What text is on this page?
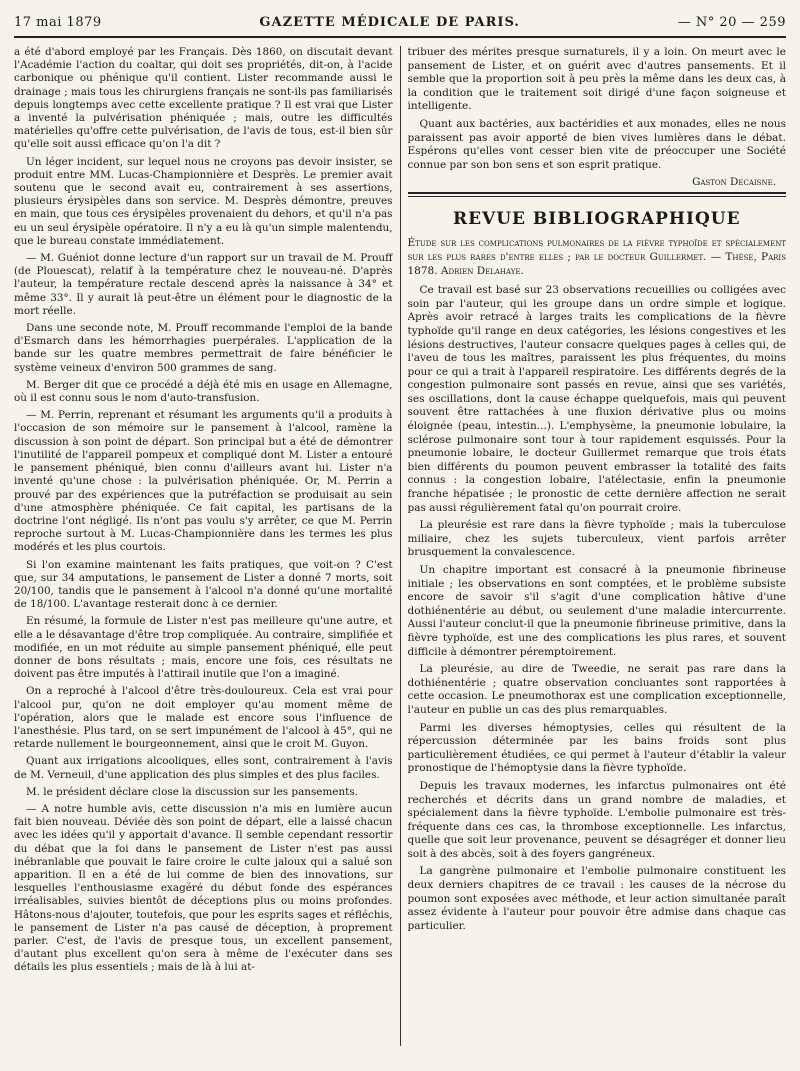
17 mai 1879	GAZETTE MÉDICALE DE PARIS.	— N° 20 — 259

a été d'abord employé par les Français. Dès 1860, on discutait devant l'Académie l'action du coaltar, qui doit ses propriétés, dit-on, à l'acide carbonique ou phénique qu'il contient. Lister recommande aussi le drainage ; mais tous les chirurgiens français ne sont-ils pas familiarisés depuis longtemps avec cette excellente pratique ? Il est vrai que Lister a inventé la pulvérisation phéniquée ; mais, outre les difficultés matérielles qu'offre cette pulvérisation, de l'avis de tous, est-il bien sûr qu'elle soit aussi efficace qu'on l'a dit ?

Un léger incident, sur lequel nous ne croyons pas devoir insister, se produit entre MM. Lucas-Championnière et Desprès. Le premier avait soutenu que le second avait eu, contrairement à ses assertions, plusieurs érysipèles dans son service. M. Desprès démontre, preuves en main, que tous ces érysipèles provenaient du dehors, et qu'il n'a pas eu un seul érysipèle opératoire. Il n'y a eu là qu'un simple malentendu, que le bureau constate immédiatement.

— M. Guéniot donne lecture d'un rapport sur un travail de M. Prouff (de Plouescat), relatif à la température chez le nouveau-né. D'après l'auteur, la température rectale descend après la naissance à 34° et même 33°. Il y aurait là peut-être un élément pour le diagnostic de la mort réelle.

Dans une seconde note, M. Prouff recommande l'emploi de la bande d'Esmarch dans les hémorrhagies puerpérales. L'application de la bande sur les quatre membres permettrait de faire bénéficier le système veineux d'environ 500 grammes de sang.

M. Berger dit que ce procédé a déjà été mis en usage en Allemagne, où il est connu sous le nom d'auto-transfusion.

— M. Perrin, reprenant et résumant les arguments qu'il a produits à l'occasion de son mémoire sur le pansement à l'alcool, ramène la discussion à son point de départ. Son principal but a été de démontrer l'inutilité de l'appareil pompeux et compliqué dont M. Lister a entouré le pansement phéniqué, bien connu d'ailleurs avant lui. Lister n'a inventé qu'une chose : la pulvérisation phéniquée. Or, M. Perrin a prouvé par des expériences que la putréfaction se produisait au sein d'une atmosphère phéniquée. Ce fait capital, les partisans de la doctrine l'ont négligé. Ils n'ont pas voulu s'y arrêter, ce que M. Perrin reproche surtout à M. Lucas-Championnière dans les termes les plus modérés et les plus courtois.

Si l'on examine maintenant les faits pratiques, que voit-on ? C'est que, sur 34 amputations, le pansement de Lister a donné 7 morts, soit 20/100, tandis que le pansement à l'alcool n'a donné qu'une mortalité de 18/100. L'avantage resterait donc à ce dernier.

En résumé, la formule de Lister n'est pas meilleure qu'une autre, et elle a le désavantage d'être trop compliquée. Au contraire, simplifiée et modifiée, en un mot réduite au simple pansement phéniqué, elle peut donner de bons résultats ; mais, encore une fois, ces résultats ne doivent pas être imputés à l'attirail inutile que l'on a imaginé.

On a reproché à l'alcool d'être très-douloureux. Cela est vrai pour l'alcool pur, qu'on ne doit employer qu'au moment même de l'opération, alors que le malade est encore sous l'influence de l'anesthésie. Plus tard, on se sert impunément de l'alcool à 45°, qui ne retarde nullement le bourgeonnement, ainsi que le croit M. Guyon.

Quant aux irrigations alcooliques, elles sont, contrairement à l'avis de M. Verneuil, d'une application des plus simples et des plus faciles.

M. le président déclare close la discussion sur les pansements.

— A notre humble avis, cette discussion n'a mis en lumière aucun fait bien nouveau. Déviée dès son point de départ, elle a laissé chacun avec les idées qu'il y apportait d'avance. Il semble cependant ressortir du débat que la foi dans le pansement de Lister n'est pas aussi inébranlable que pouvait le faire croire le culte jaloux qui a salué son apparition. Il en a été de lui comme de bien des innovations, sur lesquelles l'enthousiasme exagéré du début fonde des espérances irréalisables, suivies bientôt de déceptions plus ou moins profondes. Hâtons-nous d'ajouter, toutefois, que pour les esprits sages et réfléchis, le pansement de Lister n'a pas causé de déception, à proprement parler. C'est, de l'avis de presque tous, un excellent pansement, d'autant plus excellent qu'on sera à même de l'exécuter dans ses détails les plus essentiels ; mais de là à lui at-

tribuer des mérites presque surnaturels, il y a loin. On meurt avec le pansement de Lister, et on guérit avec d'autres pansements. Et il semble que la proportion soit à peu près la même dans les deux cas, à la condition que le traitement soit dirigé d'une façon soigneuse et intelligente.

Quant aux bactéries, aux bactéridies et aux monades, elles ne nous paraissent pas avoir apporté de bien vives lumières dans le débat. Espérons qu'elles vont cesser bien vite de préoccuper une Société connue par son bon sens et son esprit pratique.

Gaston Decaisne.
REVUE BIBLIOGRAPHIQUE

Étude sur les complications pulmonaires de la fièvre typhoïde et spécialement sur les plus rares d'entre elles ; par le docteur Guillermet. — Thèse, Paris 1878. Adrien Delahaye.

Ce travail est basé sur 23 observations recueillies ou colligées avec soin par l'auteur, qui les groupe dans un ordre simple et logique. Après avoir retracé à larges traits les complications de la fièvre typhoïde qu'il range en deux catégories, les lésions congestives et les lésions destructives, l'auteur consacre quelques pages à celles qui, de l'aveu de tous les maîtres, paraissent les plus fréquentes, du moins pour ce qui a trait à l'appareil respiratoire. Les différents degrés de la congestion pulmonaire sont passés en revue, ainsi que ses variétés, ses oscillations, dont la cause échappe quelquefois, mais qui peuvent souvent être rattachées à une fluxion dérivative plus ou moins éloignée (peau, intestin...). L'emphysème, la pneumonie lobulaire, la sclérose pulmonaire sont tour à tour rapidement esquissés. Pour la pneumonie lobaire, le docteur Guillermet remarque que trois états bien différents du poumon peuvent embrasser la totalité des faits connus : la congestion lobaire, l'atélectasie, enfin la pneumonie franche hépatisée ; le pronostic de cette dernière affection ne serait pas aussi régulièrement fatal qu'on pourrait croire.

La pleurésie est rare dans la fièvre typhoïde ; mais la tuberculose miliaire, chez les sujets tuberculeux, vient parfois arrêter brusquement la convalescence.

Un chapitre important est consacré à la pneumonie fibrineuse initiale ; les observations en sont comptées, et le problème subsiste encore de savoir s'il s'agit d'une complication hâtive d'une dothiénentérie au début, ou seulement d'une maladie intercurrente. Aussi l'auteur conclut-il que la pneumonie fibrineuse primitive, dans la fièvre typhoïde, est une des complications les plus rares, et souvent difficile à démontrer péremptoirement.

La pleurésie, au dire de Tweedie, ne serait pas rare dans la dothiénentérie ; quatre observation concluantes sont rapportées à cette occasion. Le pneumothorax est une complication exceptionnelle, l'auteur en publie un cas des plus remarquables.

Parmi les diverses hémoptysies, celles qui résultent de la répercussion déterminée par les bains froids sont plus particulièrement étudiées, ce qui permet à l'auteur d'établir la valeur pronostique de l'hémoptysie dans la fièvre typhoïde.

Depuis les travaux modernes, les infarctus pulmonaires ont été recherchés et décrits dans un grand nombre de maladies, et spécialement dans la fièvre typhoïde. L'embolie pulmonaire est très-fréquente dans ces cas, la thrombose exceptionnelle. Les infarctus, quelle que soit leur provenance, peuvent se désagréger et donner lieu soit à des abcès, soit à des foyers gangréneux.

La gangrène pulmonaire et l'embolie pulmonaire constituent les deux derniers chapitres de ce travail : les causes de la nécrose du poumon sont exposées avec méthode, et leur action simultanée paraît assez évidente à l'auteur pour pouvoir être admise dans chaque cas particulier.
